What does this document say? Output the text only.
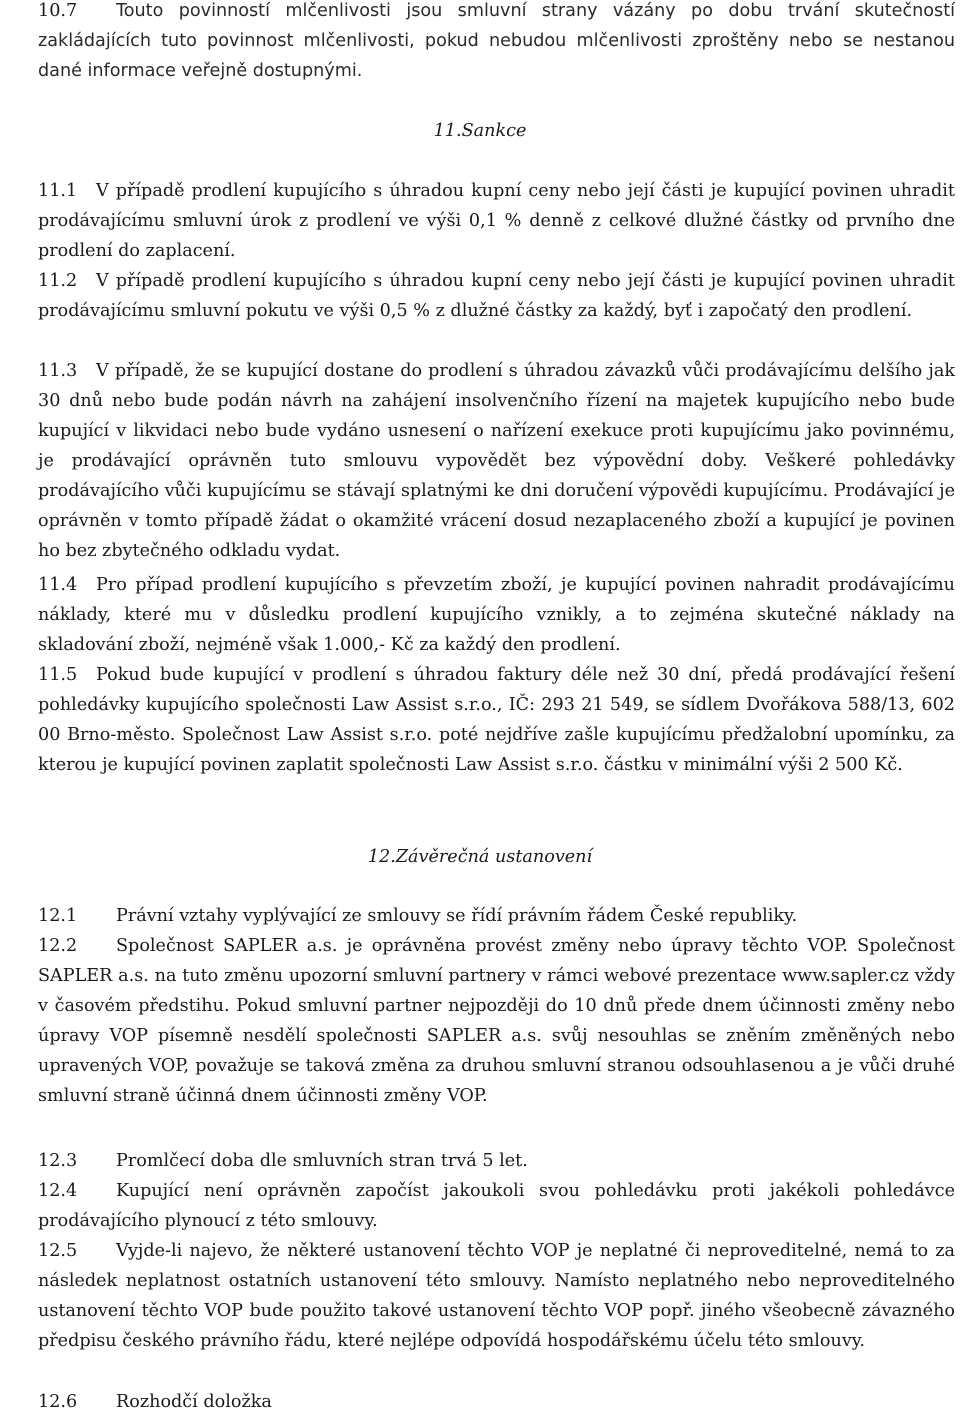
10.7 Touto povinností mlčenlivosti jsou smluvní strany vázány po dobu trvání skutečností zakládajících tuto povinnost mlčenlivosti, pokud nebudou mlčenlivosti zproštěny nebo se nestanou dané informace veřejně dostupnými.

11.Sankce

11.1 V případě prodlení kupujícího s úhradou kupní ceny nebo její části je kupující povinen uhradit prodávajícímu smluvní úrok z prodlení ve výši 0,1 % denně z celkové dlužné částky od prvního dne prodlení do zaplacení.

11.2 V případě prodlení kupujícího s úhradou kupní ceny nebo její části je kupující povinen uhradit prodávajícímu smluvní pokutu ve výši 0,5 % z dlužné částky za každý, byť i započatý den prodlení.

11.3 V případě, že se kupující dostane do prodlení s úhradou závazků vůči prodávajícímu delšího jak 30 dnů nebo bude podán návrh na zahájení insolvenčního řízení na majetek kupujícího nebo bude kupující v likvidaci nebo bude vydáno usnesení o nařízení exekuce proti kupujícímu jako povinnému, je prodávající oprávněn tuto smlouvu vypovědět bez výpovědní doby. Veškeré pohledávky prodávajícího vůči kupujícímu se stávají splatnými ke dni doručení výpovědi kupujícímu. Prodávající je oprávněn v tomto případě žádat o okamžité vrácení dosud nezaplaceného zboží a kupující je povinen ho bez zbytečného odkladu vydat.

11.4 Pro případ prodlení kupujícího s převzetím zboží, je kupující povinen nahradit prodávajícímu náklady, které mu v důsledku prodlení kupujícího vznikly, a to zejména skutečné náklady na skladování zboží, nejméně však 1.000,- Kč za každý den prodlení.

11.5 Pokud bude kupující v prodlení s úhradou faktury déle než 30 dní, předá prodávající řešení pohledávky kupujícího společnosti Law Assist s.r.o., IČ: 293 21 549, se sídlem Dvořákova 588/13, 602 00 Brno-město. Společnost Law Assist s.r.o. poté nejdříve zašle kupujícímu předžalobní upomínku, za kterou je kupující povinen zaplatit společnosti Law Assist s.r.o. částku v minimální výši 2 500 Kč.

12.Závěrečná ustanovení

12.1 Právní vztahy vyplývající ze smlouvy se řídí právním řádem České republiky.

12.2 Společnost SAPLER a.s. je oprávněna provést změny nebo úpravy těchto VOP. Společnost SAPLER a.s. na tuto změnu upozorní smluvní partnery v rámci webové prezentace www.sapler.cz vždy v časovém předstihu. Pokud smluvní partner nejpozději do 10 dnů přede dnem účinnosti změny nebo úpravy VOP písemně nesdělí společnosti SAPLER a.s. svůj nesouhlas se zněním změněných nebo upravených VOP, považuje se taková změna za druhou smluvní stranou odsouhlasenou a je vůči druhé smluvní straně účinná dnem účinnosti změny VOP.

12.3 Promlčecí doba dle smluvních stran trvá 5 let.

12.4 Kupující není oprávněn započíst jakoukoli svou pohledávku proti jakékoli pohledávce prodávajícího plynoucí z této smlouvy.

12.5 Vyjde-li najevo, že některé ustanovení těchto VOP je neplatné či neproveditelné, nemá to za následek neplatnost ostatních ustanovení této smlouvy. Namísto neplatného nebo neproveditelného ustanovení těchto VOP bude použito takové ustanovení těchto VOP popř. jiného všeobecně závazného předpisu českého právního řádu, které nejlépe odpovídá hospodářskému účelu této smlouvy.

12.6 Rozhodčí doložka
